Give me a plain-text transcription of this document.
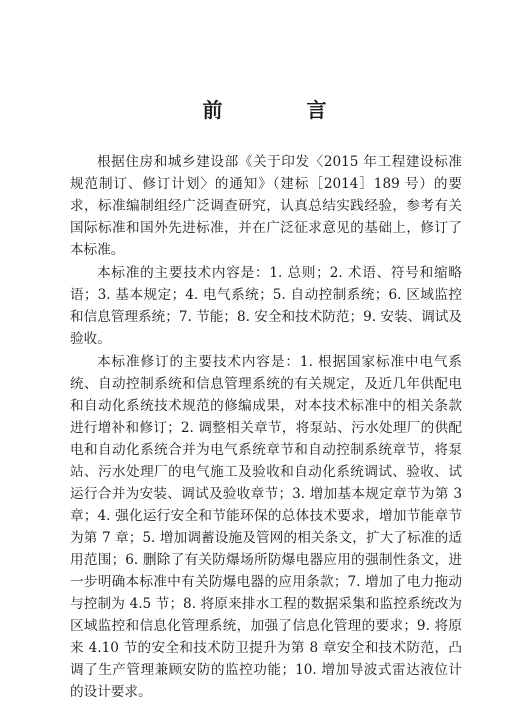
前　言

根据住房和城乡建设部《关于印发〈2015 年工程建设标准规范制订、修订计划〉的通知》（建标［2014］189 号）的要求，标准编制组经广泛调查研究，认真总结实践经验，参考有关国际标准和国外先进标准，并在广泛征求意见的基础上，修订了本标准。

本标准的主要技术内容是：1. 总则；2. 术语、符号和缩略语；3. 基本规定；4. 电气系统；5. 自动控制系统；6. 区域监控和信息管理系统；7. 节能；8. 安全和技术防范；9. 安装、调试及验收。

本标准修订的主要技术内容是：1. 根据国家标准中电气系统、自动控制系统和信息管理系统的有关规定，及近几年供配电和自动化系统技术规范的修编成果，对本技术标准中的相关条款进行增补和修订；2. 调整相关章节，将泵站、污水处理厂的供配电和自动化系统合并为电气系统章节和自动控制系统章节，将泵站、污水处理厂的电气施工及验收和自动化系统调试、验收、试运行合并为安装、调试及验收章节；3. 增加基本规定章节为第 3 章；4. 强化运行安全和节能环保的总体技术要求，增加节能章节为第 7 章；5. 增加调蓄设施及管网的相关条文，扩大了标准的适用范围；6. 删除了有关防爆场所防爆电器应用的强制性条文，进一步明确本标准中有关防爆电器的应用条款；7. 增加了电力拖动与控制为 4.5 节；8. 将原来排水工程的数据采集和监控系统改为区域监控和信息化管理系统，加强了信息化管理的要求；9. 将原来 4.10 节的安全和技术防卫提升为第 8 章安全和技术防范，凸调了生产管理兼顾安防的监控功能；10. 增加导波式雷达液位计的设计要求。
